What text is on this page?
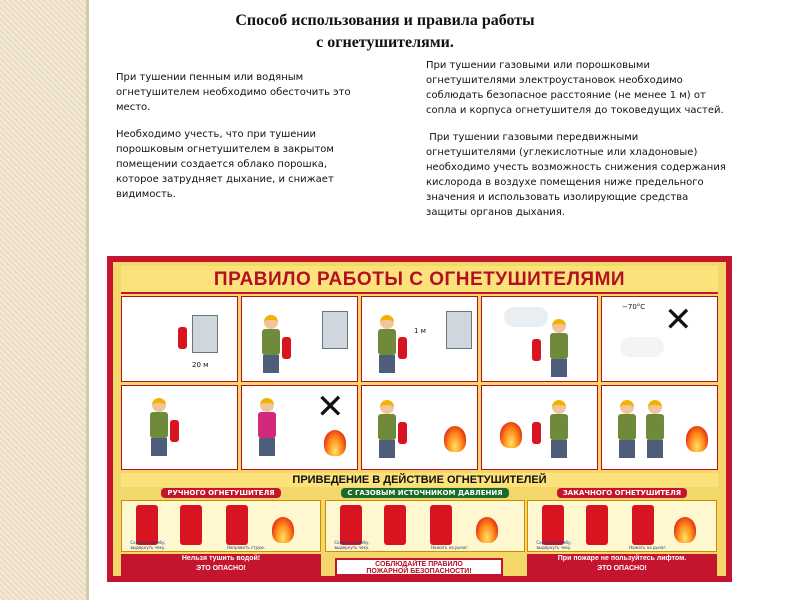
Способ использования и правила работы
с огнетушителями.

При тушении пенным или водяным огнетушителем необходимо обесточить это место.

Необходимо учесть, что при тушении порошковым огнетушителем в закрытом помещении создается облако порошка, которое затрудняет дыхание, и снижает видимость.

При тушении газовыми или порошковыми огнетушителями электроустановок необходимо соблюдать безопасное расстояние (не менее 1 м) от сопла и корпуса огнетушителя до токоведущих частей.

При тушении газовыми передвижными огнетушителями (углекислотные или хладоновые) необходимо учесть возможность снижения содержания кислорода в воздухе помещения ниже предельного значения и использовать изолирующие средства защиты органов дыхания.

ПРАВИЛО РАБОТЫ С ОГНЕТУШИТЕЛЯМИ
20 м
1 м
−70°С ✕
✕
ПРИВЕДЕНИЕ В ДЕЙСТВИЕ ОГНЕТУШИТЕЛЕЙ
РУЧНОГО ОГНЕТУШИТЕЛЯ	С ГАЗОВЫМ ИСТОЧНИКОМ ДАВЛЕНИЯ	ЗАКАЧНОГО ОГНЕТУШИТЕЛЯ
Сорвать пломбу, выдернуть чеку.	Направить струю.
Сорвать пломбу, выдернуть чеку.	Нажать на рычаг.
Сорвать пломбу, выдернуть чеку.	Нажать на рычаг.
Нельзя тушить водой!
ЭТО ОПАСНО!
СОБЛЮДАЙТЕ ПРАВИЛО
ПОЖАРНОЙ БЕЗОПАСНОСТИ!
При пожаре не пользуйтесь лифтом.
ЭТО ОПАСНО!
